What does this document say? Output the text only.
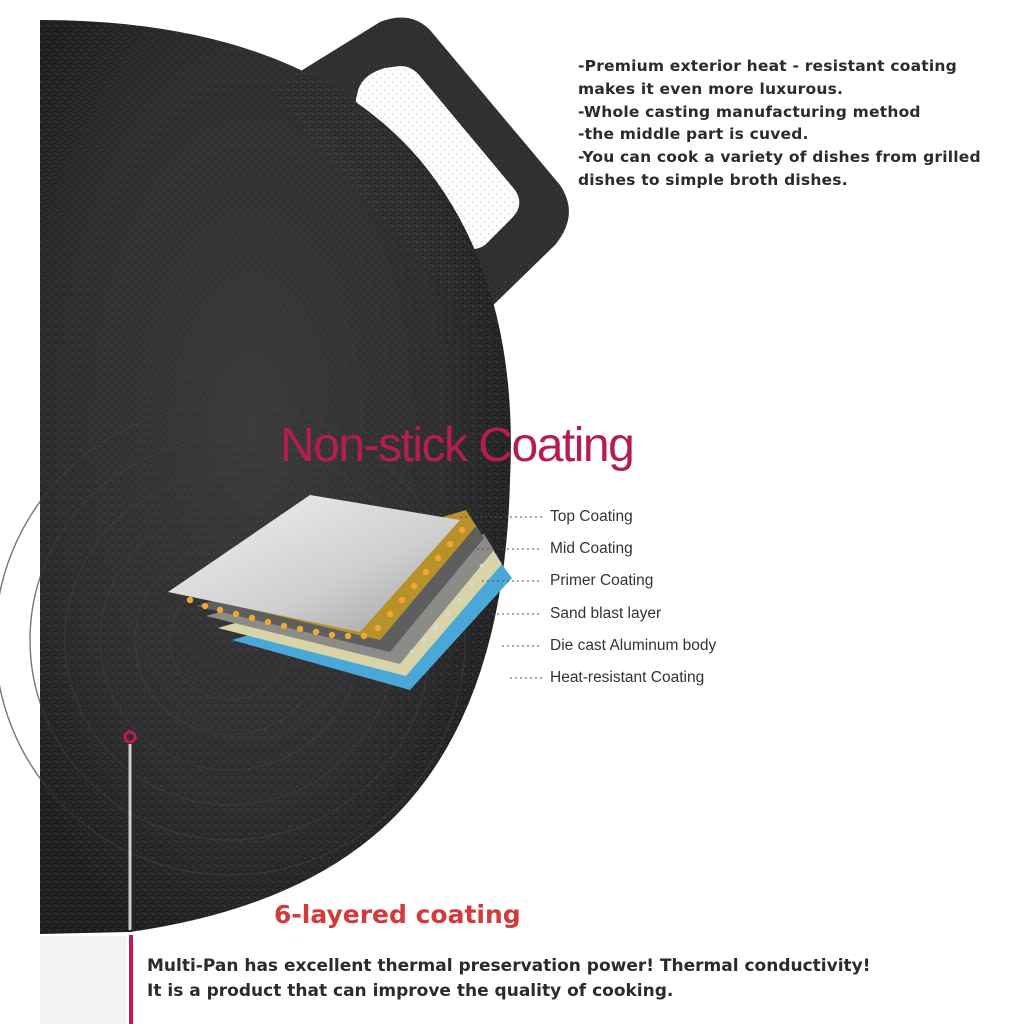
-Premium exterior heat - resistant coating
makes it even more luxurous.
-Whole casting manufacturing method
-the middle part is cuved.
-You can cook a variety of dishes from grilled
dishes to simple broth dishes.
Non-stick Coating
Top Coating
Mid Coating
Primer Coating
Sand blast layer
Die cast Aluminum body
Heat-resistant Coating
6-layered coating
Multi-Pan has excellent thermal preservation power! Thermal conductivity!
It is a product that can improve the quality of cooking.
